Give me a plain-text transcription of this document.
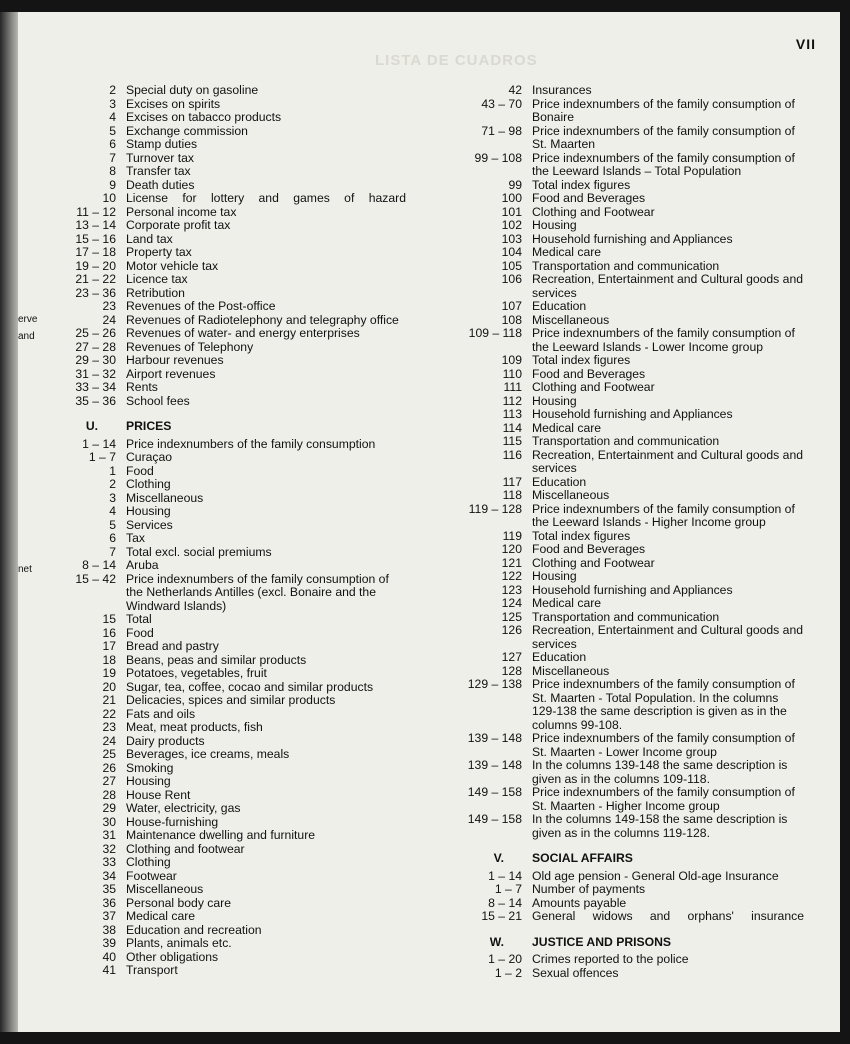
LISTA DE CUADROS
VII
erve
and
net
2 Special duty on gasoline
3 Excises on spirits
4 Excises on tabacco products
5 Exchange commission
6 Stamp duties
7 Turnover tax
8 Transfer tax
9 Death duties
10 License for lottery and games of hazard
11 – 12 Personal income tax
13 – 14 Corporate profit tax
15 – 16 Land tax
17 – 18 Property tax
19 – 20 Motor vehicle tax
21 – 22 Licence tax
23 – 36 Retribution
23 Revenues of the Post-office
24 Revenues of Radiotelephony and telegraphy office
25 – 26 Revenues of water- and energy enterprises
27 – 28 Revenues of Telephony
29 – 30 Harbour revenues
31 – 32 Airport revenues
33 – 34 Rents
35 – 36 School fees
U. PRICES
1 – 14 Price indexnumbers of the family consumption
1 – 7 Curaçao
1 Food
2 Clothing
3 Miscellaneous
4 Housing
5 Services
6 Tax
7 Total excl. social premiums
8 – 14 Aruba
15 – 42 Price indexnumbers of the family consumption of the Netherlands Antilles (excl. Bonaire and the Windward Islands)
15 Total
16 Food
17 Bread and pastry
18 Beans, peas and similar products
19 Potatoes, vegetables, fruit
20 Sugar, tea, coffee, cocao and similar products
21 Delicacies, spices and similar products
22 Fats and oils
23 Meat, meat products, fish
24 Dairy products
25 Beverages, ice creams, meals
26 Smoking
27 Housing
28 House Rent
29 Water, electricity, gas
30 House-furnishing
31 Maintenance dwelling and furniture
32 Clothing and footwear
33 Clothing
34 Footwear
35 Miscellaneous
36 Personal body care
37 Medical care
38 Education and recreation
39 Plants, animals etc.
40 Other obligations
41 Transport
42 Insurances
43 – 70 Price indexnumbers of the family consumption of Bonaire
71 – 98 Price indexnumbers of the family consumption of St. Maarten
99 – 108 Price indexnumbers of the family consumption of the Leeward Islands – Total Population
99 Total index figures
100 Food and Beverages
101 Clothing and Footwear
102 Housing
103 Household furnishing and Appliances
104 Medical care
105 Transportation and communication
106 Recreation, Entertainment and Cultural goods and services
107 Education
108 Miscellaneous
109 – 118 Price indexnumbers of the family consumption of the Leeward Islands - Lower Income group
109 Total index figures
110 Food and Beverages
111 Clothing and Footwear
112 Housing
113 Household furnishing and Appliances
114 Medical care
115 Transportation and communication
116 Recreation, Entertainment and Cultural goods and services
117 Education
118 Miscellaneous
119 – 128 Price indexnumbers of the family consumption of the Leeward Islands - Higher Income group
119 Total index figures
120 Food and Beverages
121 Clothing and Footwear
122 Housing
123 Household furnishing and Appliances
124 Medical care
125 Transportation and communication
126 Recreation, Entertainment and Cultural goods and services
127 Education
128 Miscellaneous
129 – 138 Price indexnumbers of the family consumption of St. Maarten - Total Population. In the columns 129-138 the same description is given as in the columns 99-108.
139 – 148 Price indexnumbers of the family consumption of St. Maarten - Lower Income group
139 – 148 In the columns 139-148 the same description is given as in the columns 109-118.
149 – 158 Price indexnumbers of the family consumption of St. Maarten - Higher Income group
149 – 158 In the columns 149-158 the same description is given as in the columns 119-128.
V. SOCIAL AFFAIRS
1 – 14 Old age pension - General Old-age Insurance
1 – 7 Number of payments
8 – 14 Amounts payable
15 – 21 General widows and orphans' insurance
W. JUSTICE AND PRISONS
1 – 20 Crimes reported to the police
1 – 2 Sexual offences
